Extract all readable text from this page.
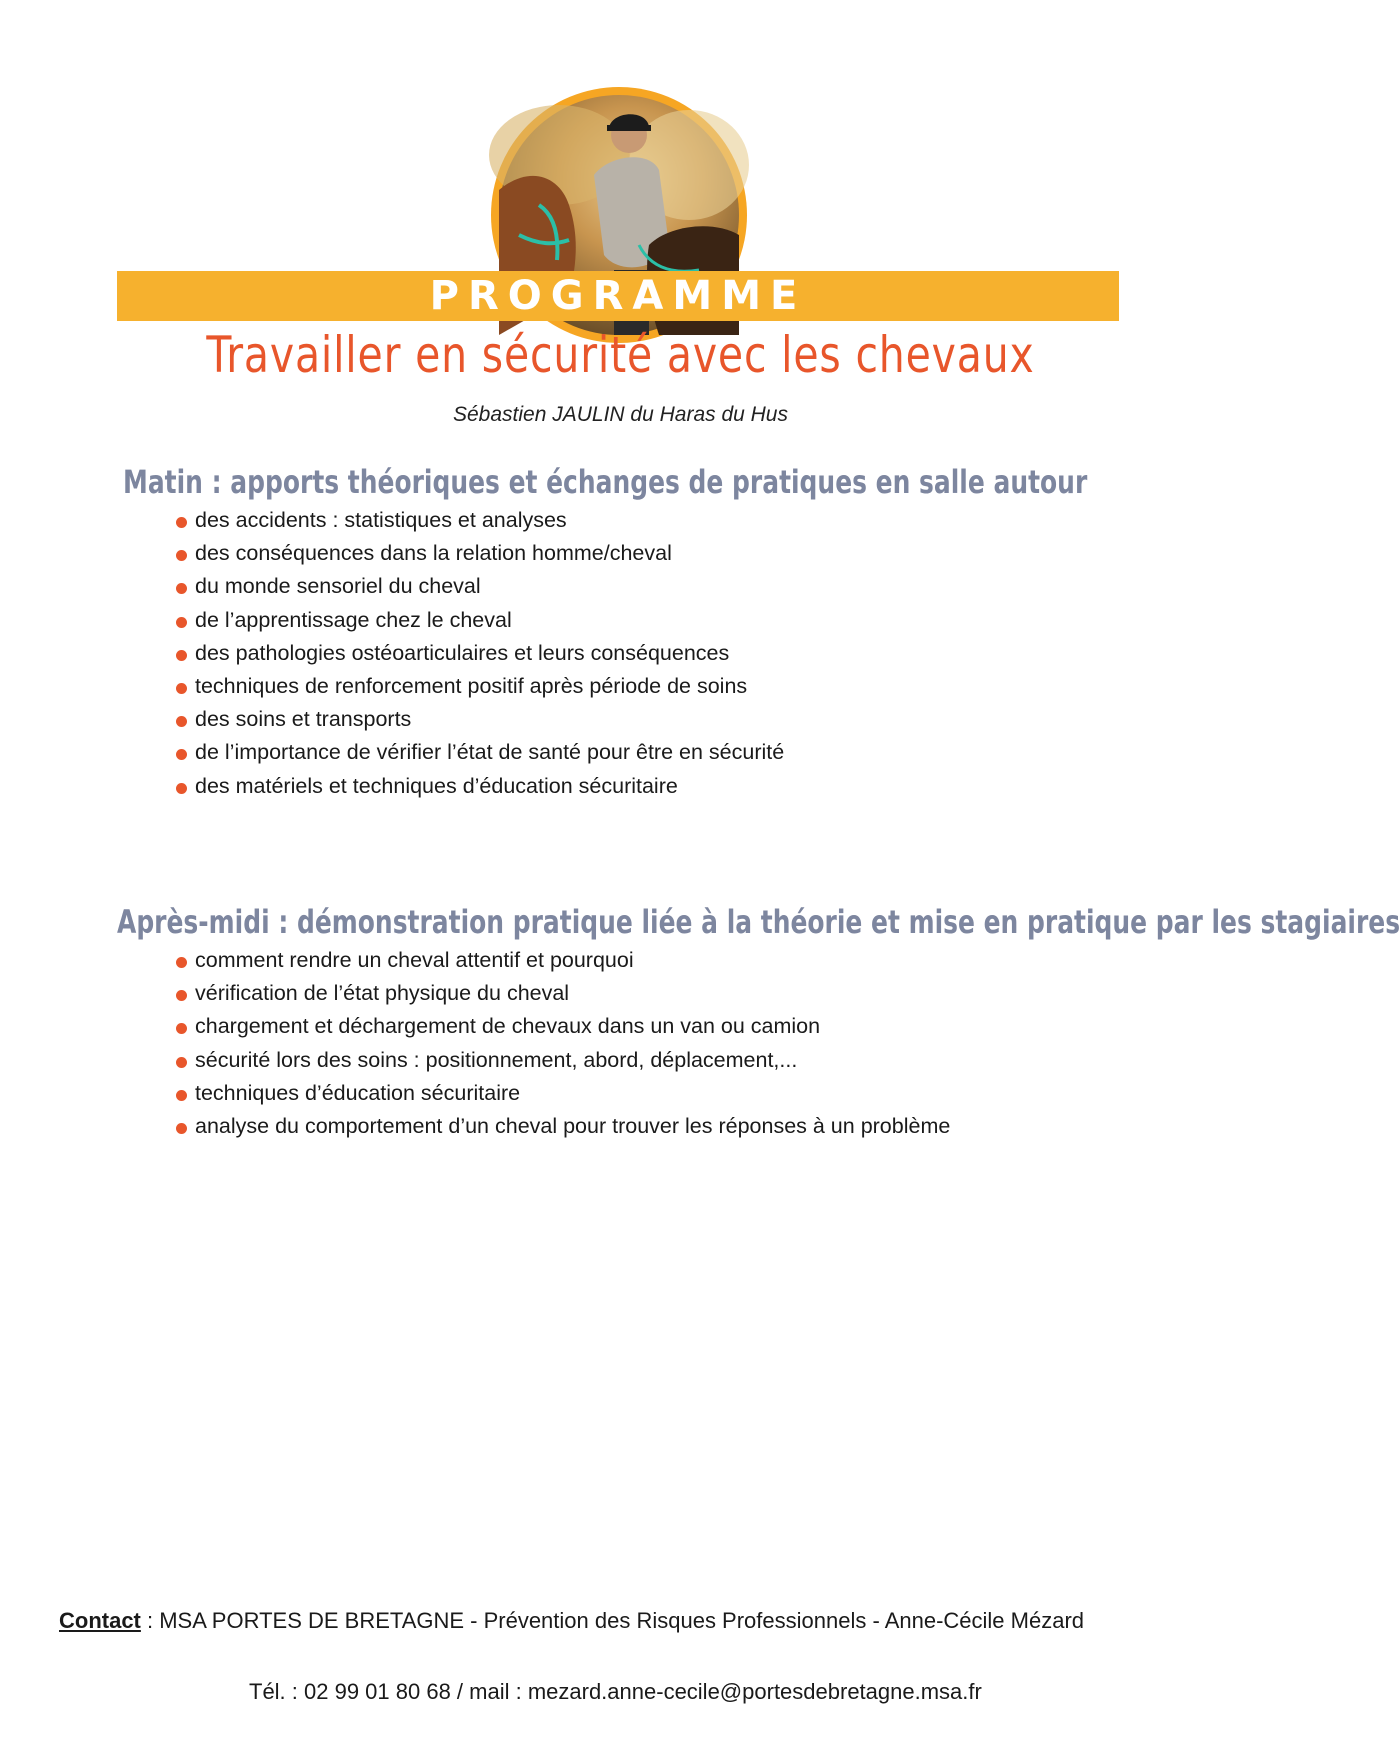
PROGRAMME
Travailler en sécurité avec les chevaux
Sébastien JAULIN du Haras du Hus
Matin : apports théoriques et échanges de pratiques en salle autour
des accidents : statistiques et analyses
des conséquences dans la relation homme/cheval
du monde sensoriel du cheval
de l’apprentissage chez le cheval
des pathologies ostéoarticulaires et leurs conséquences
techniques de renforcement positif après période de soins
des soins et transports
de l’importance de vérifier l’état de santé pour être en sécurité
des matériels et techniques d’éducation sécuritaire
Après-midi : démonstration pratique liée à la théorie et mise en pratique par les stagiaires
comment rendre un cheval attentif et pourquoi
vérification de l’état physique du cheval
chargement et déchargement de chevaux dans un van ou camion
sécurité lors des soins : positionnement, abord, déplacement,...
techniques d’éducation sécuritaire
analyse du comportement d’un cheval pour trouver les réponses à un problème
Contact : MSA PORTES DE BRETAGNE - Prévention des Risques Professionnels - Anne-Cécile Mézard
Tél. : 02 99 01 80 68 / mail : mezard.anne-cecile@portesdebretagne.msa.fr
